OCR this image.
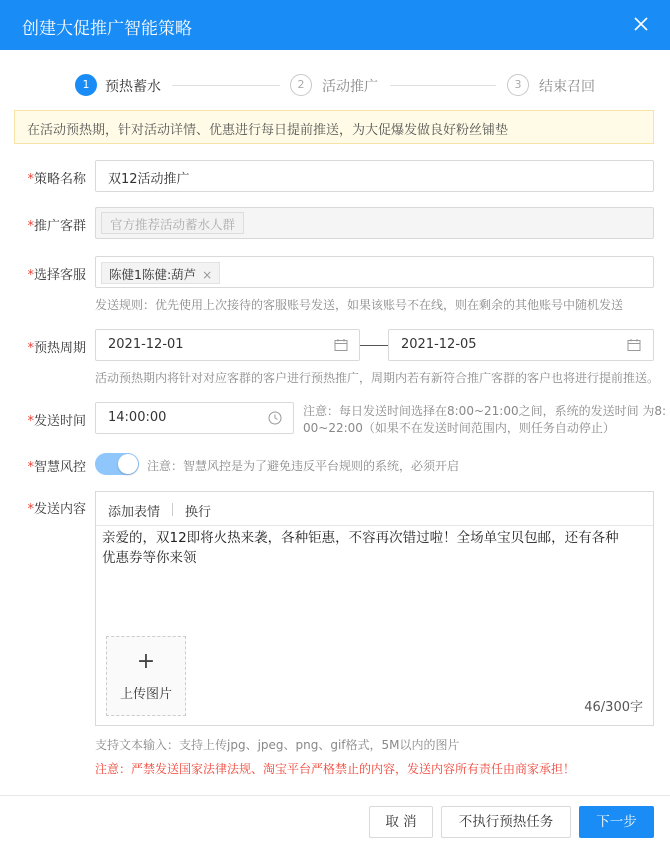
创建大促推广智能策略
1	预热蓄水	2	活动推广	3	结束召回
在活动预热期，针对活动详情、优惠进行每日提前推送，为大促爆发做良好粉丝铺垫
*策略名称	双12活动推广
*推广客群	官方推荐活动蓄水人群
*选择客服	陈健1陈健:葫芦 ×
发送规则：优先使用上次接待的客服账号发送，如果该账号不在线，则在剩余的其他账号中随机发送
*预热周期	2021-12-01	2021-12-05
活动预热期内将针对对应客群的客户进行预热推广，周期内若有新符合推广客群的客户也将进行提前推送。
*发送时间	14:00:00	注意：每日发送时间选择在8:00~21:00之间，系统的发送时间 为8:
00~22:00（如果不在发送时间范围内，则任务自动停止）
*智慧风控	注意：智慧风控是为了避免违反平台规则的系统，必须开启
*发送内容 添加表情 换行
亲爱的，双12即将火热来袭，各种钜惠，不容再次错过啦！全场单宝贝包邮，还有各种
优惠券等你来领
+
上传图片
46/300字
支持文本输入：支持上传jpg、jpeg、png、gif格式，5M以内的图片
注意：严禁发送国家法律法规、淘宝平台严格禁止的内容，发送内容所有责任由商家承担！
取 消	不执行预热任务	下一步
